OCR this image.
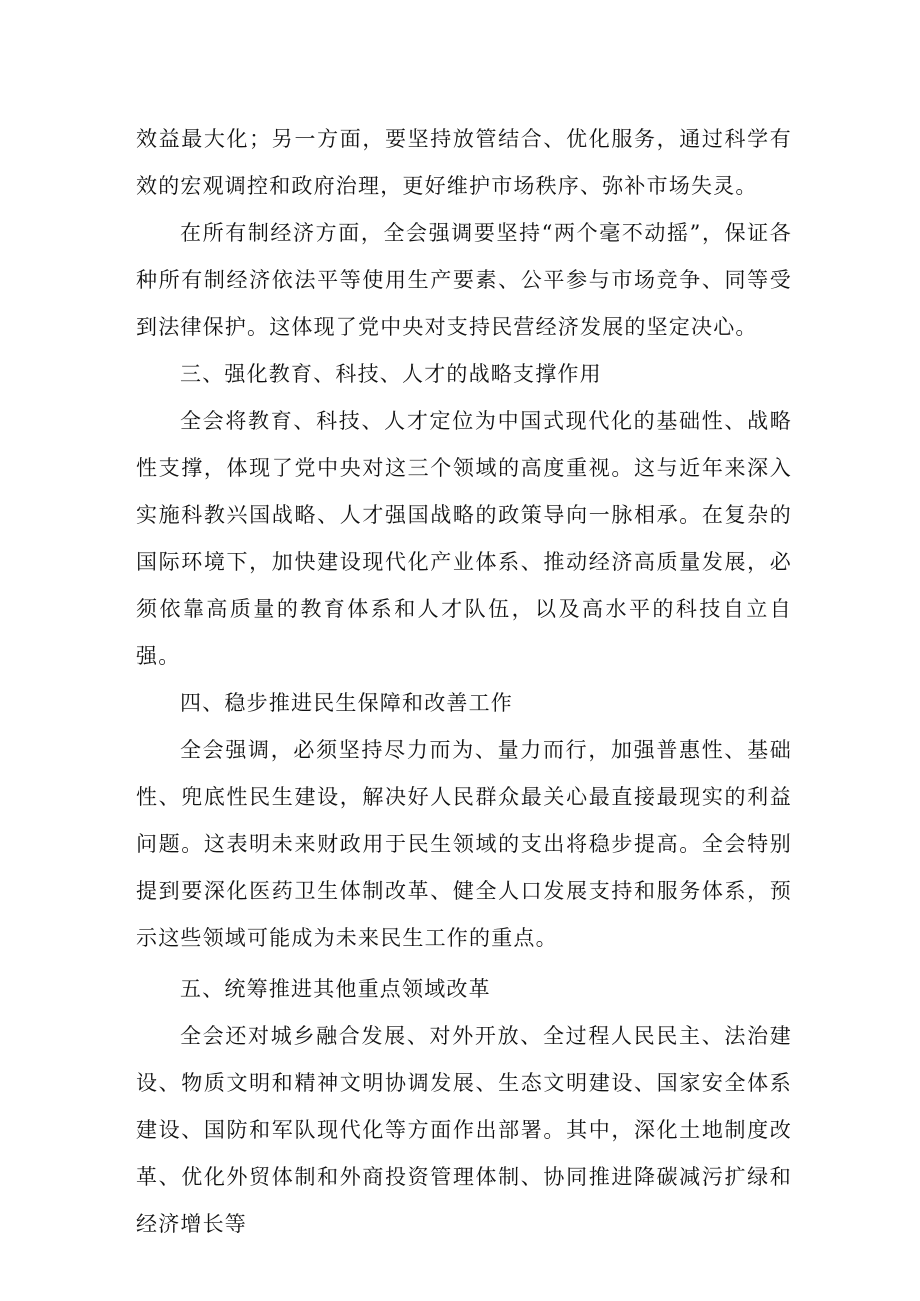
效益最大化；另一方面，要坚持放管结合、优化服务，通过科学有效的宏观调控和政府治理，更好维护市场秩序、弥补市场失灵。

在所有制经济方面，全会强调要坚持“两个毫不动摇”，保证各种所有制经济依法平等使用生产要素、公平参与市场竞争、同等受到法律保护。这体现了党中央对支持民营经济发展的坚定决心。

三、强化教育、科技、人才的战略支撑作用

全会将教育、科技、人才定位为中国式现代化的基础性、战略性支撑，体现了党中央对这三个领域的高度重视。这与近年来深入实施科教兴国战略、人才强国战略的政策导向一脉相承。在复杂的国际环境下，加快建设现代化产业体系、推动经济高质量发展，必须依靠高质量的教育体系和人才队伍，以及高水平的科技自立自强。

四、稳步推进民生保障和改善工作

全会强调，必须坚持尽力而为、量力而行，加强普惠性、基础性、兜底性民生建设，解决好人民群众最关心最直接最现实的利益问题。这表明未来财政用于民生领域的支出将稳步提高。全会特别提到要深化医药卫生体制改革、健全人口发展支持和服务体系，预示这些领域可能成为未来民生工作的重点。

五、统筹推进其他重点领域改革

全会还对城乡融合发展、对外开放、全过程人民民主、法治建设、物质文明和精神文明协调发展、生态文明建设、国家安全体系建设、国防和军队现代化等方面作出部署。其中，深化土地制度改革、优化外贸体制和外商投资管理体制、协同推进降碳减污扩绿和经济增长等
